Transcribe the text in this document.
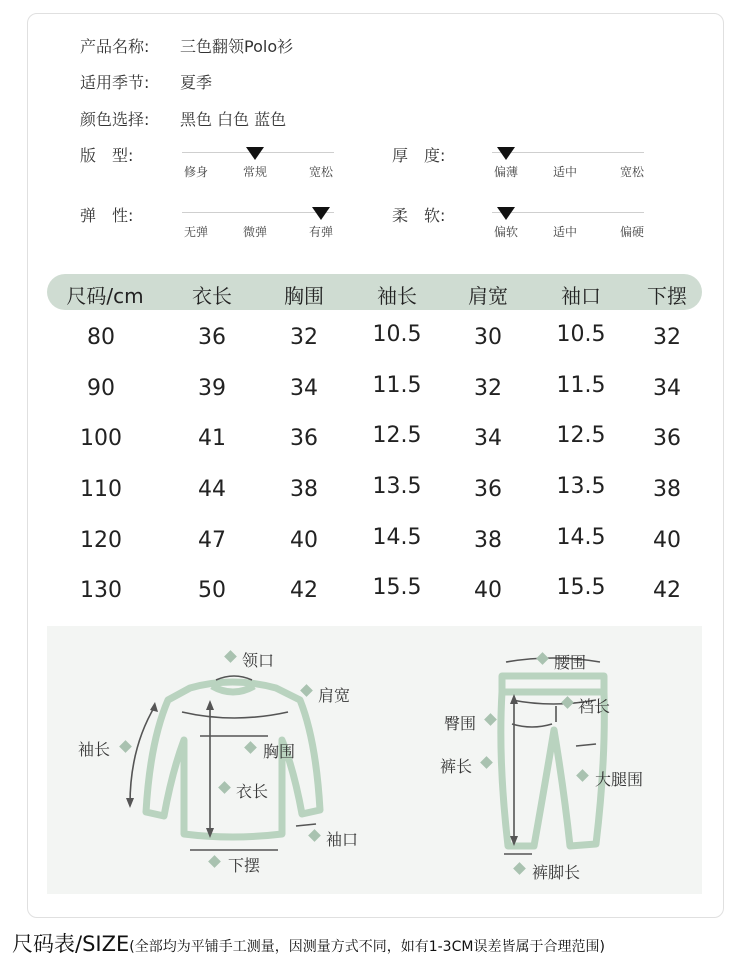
产品名称: 三色翻领Polo衫
适用季节: 夏季
颜色选择: 黑色 白色 蓝色
版　型:
修身	常规	宽松
厚　度:
偏薄	适中	宽松
弹　性:
无弹	微弹	有弹
柔　软:
偏软	适中	偏硬
尺码/cm 衣长	胸围	袖长	肩宽	袖口 下摆
80	36	32 10.5 30 10.5 32
90	39	34 11.5 32 11.5 34
100	41	36 12.5 34 12.5 36
110	44	38 13.5 36 13.5 38
120	47	40 14.5 38 14.5 40
130	50	42 15.5 40 15.5 42
领口
肩宽
袖长	胸围
衣长
袖口
下摆
腰围
裆长
臀围
裤长
大腿围
裤脚长
尺码表/SIZE(全部均为平铺手工测量，因测量方式不同，如有1-3CM误差皆属于合理范围)
